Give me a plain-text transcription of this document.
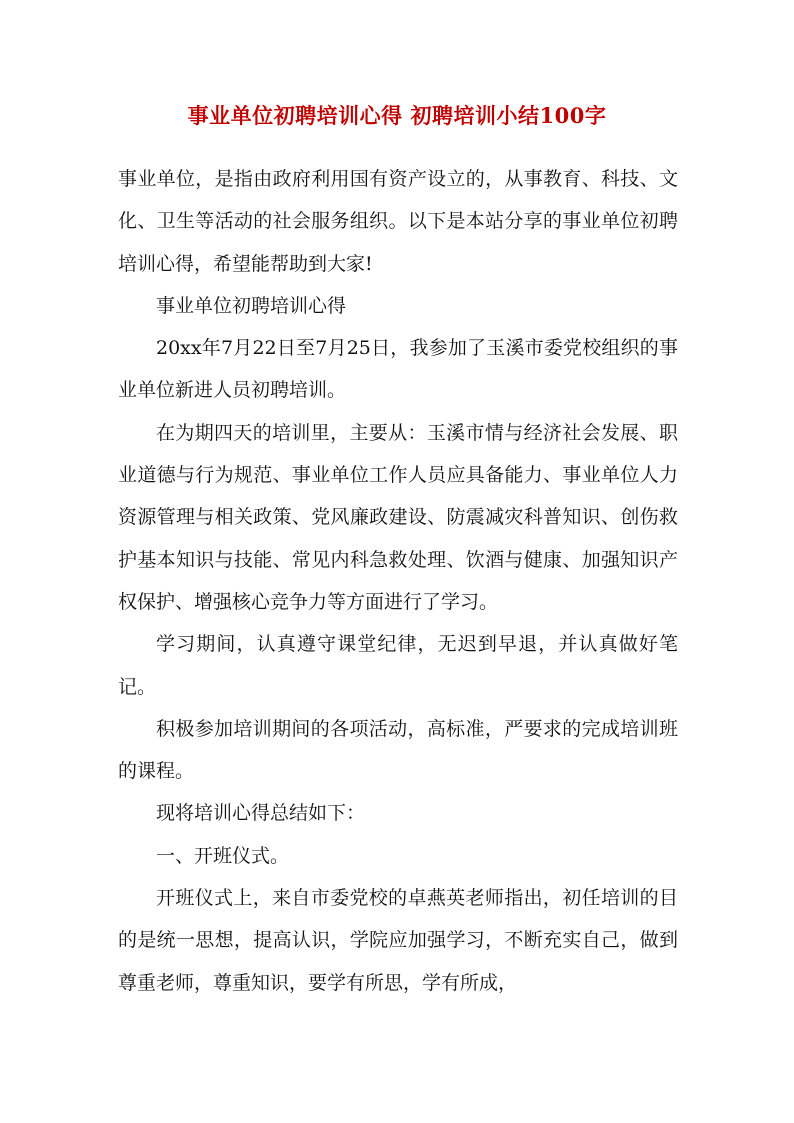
事业单位初聘培训心得 初聘培训小结100字

事业单位，是指由政府利用国有资产设立的，从事教育、科技、文化、卫生等活动的社会服务组织。以下是本站分享的事业单位初聘培训心得，希望能帮助到大家!

事业单位初聘培训心得

20xx年7月22日至7月25日，我参加了玉溪市委党校组织的事业单位新进人员初聘培训。

在为期四天的培训里，主要从：玉溪市情与经济社会发展、职业道德与行为规范、事业单位工作人员应具备能力、事业单位人力资源管理与相关政策、党风廉政建设、防震减灾科普知识、创伤救护基本知识与技能、常见内科急救处理、饮酒与健康、加强知识产权保护、增强核心竞争力等方面进行了学习。

学习期间，认真遵守课堂纪律，无迟到早退，并认真做好笔记。

积极参加培训期间的各项活动，高标准，严要求的完成培训班的课程。

现将培训心得总结如下：

一、开班仪式。

开班仪式上，来自市委党校的卓燕英老师指出，初任培训的目的是统一思想，提高认识，学院应加强学习，不断充实自己，做到尊重老师，尊重知识，要学有所思，学有所成，
